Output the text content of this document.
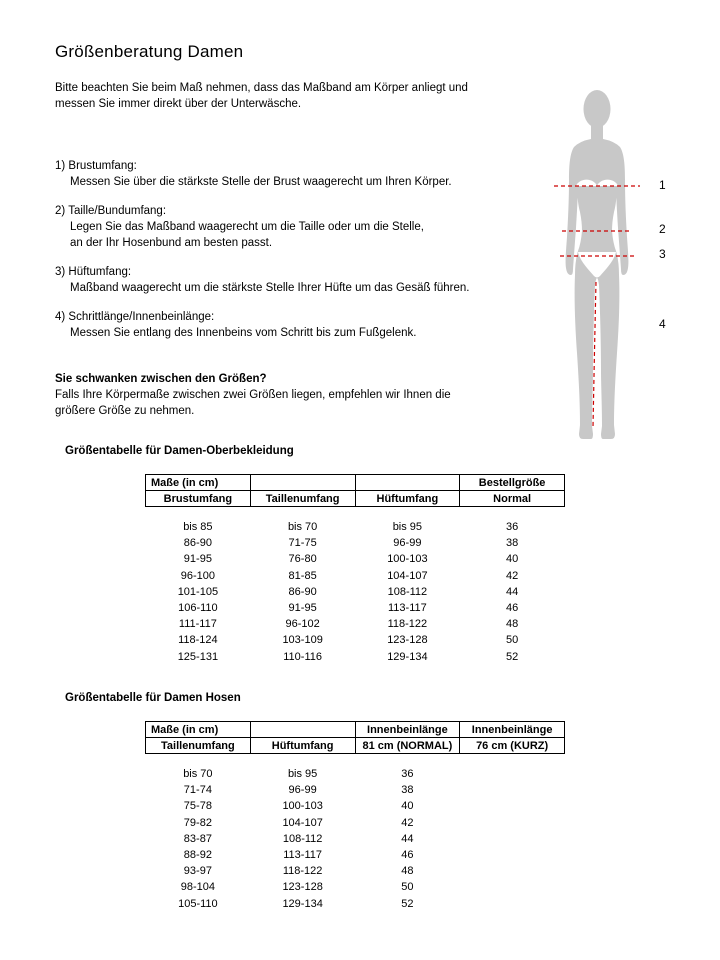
Größenberatung Damen
Bitte beachten Sie beim Maß nehmen, dass das Maßband am Körper anliegt und
messen Sie immer direkt über der Unterwäsche.
1) Brustumfang:
Messen Sie über die stärkste Stelle der Brust waagerecht um Ihren Körper.
2) Taille/Bundumfang:
Legen Sie das Maßband waagerecht um die Taille oder um die Stelle,
an der Ihr Hosenbund am besten passt.
3) Hüftumfang:
Maßband waagerecht um die stärkste Stelle Ihrer Hüfte um das Gesäß führen.
4) Schrittlänge/Innenbeinlänge:
Messen Sie entlang des Innenbeins vom Schritt bis zum Fußgelenk.
Sie schwanken zwischen den Größen?
Falls Ihre Körpermaße zwischen zwei Größen liegen, empfehlen wir Ihnen die
größere Größe zu nehmen.
1
2
3
4
Größentabelle für Damen-Oberbekleidung
Maße (in cm)			Bestellgröße
Brustumfang	Taillenumfang	Hüftumfang	Normal
bis 85	bis 70	bis 95	36
86-90	71-75	96-99	38
91-95	76-80	100-103	40
96-100	81-85	104-107	42
101-105	86-90	108-112	44
106-110	91-95	113-117	46
111-117	96-102	118-122	48
118-124	103-109	123-128	50
125-131	110-116	129-134	52
Größentabelle für Damen Hosen
Maße (in cm)		Innenbeinlänge	Innenbeinlänge
Taillenumfang	Hüftumfang	81 cm (NORMAL)	76 cm (KURZ)
bis 70	bis 95	36	
71-74	96-99	38	
75-78	100-103	40	
79-82	104-107	42	
83-87	108-112	44	
88-92	113-117	46	
93-97	118-122	48	
98-104	123-128	50	
105-110	129-134	52	
